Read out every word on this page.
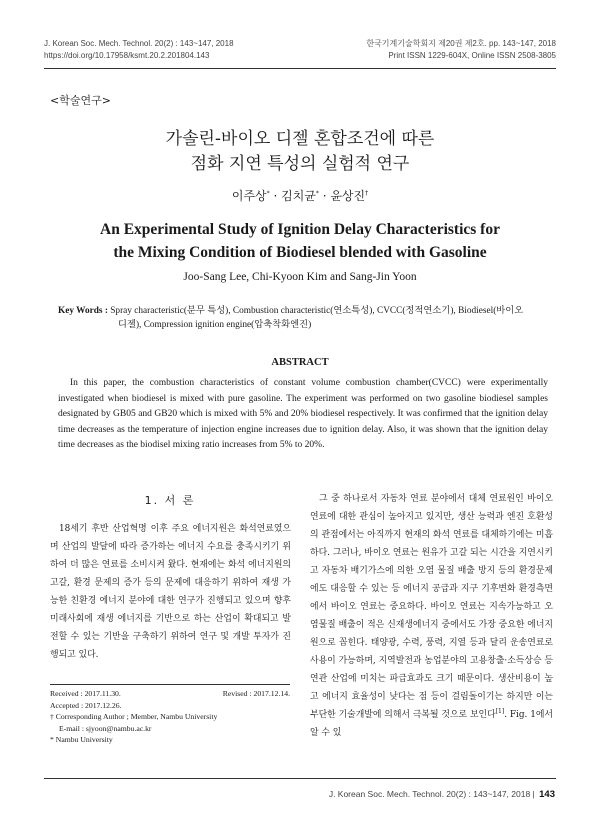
J. Korean Soc. Mech. Technol. 20(2) : 143~147, 2018
https://doi.org/10.17958/ksmt.20.2.201804.143
한국기계기술학회지 제20권 제2호. pp. 143~147, 2018
Print ISSN 1229-604X, Online ISSN 2508-3805
<학술연구>
가솔린-바이오 디젤 혼합조건에 따른
점화 지연 특성의 실험적 연구
이주상* · 김치균* · 윤상진†
An Experimental Study of Ignition Delay Characteristics for
the Mixing Condition of Biodiesel blended with Gasoline
Joo-Sang Lee, Chi-Kyoon Kim and Sang-Jin Yoon
Key Words : Spray characteristic(분무 특성), Combustion characteristic(연소특성), CVCC(정적연소기), Biodiesel(바이오
디젤), Compression ignition engine(압축착화엔진)
ABSTRACT
In this paper, the combustion characteristics of constant volume combustion chamber(CVCC) were experimentally investigated when biodiesel is mixed with pure gasoline. The experiment was performed on two gasoline biodiesel samples designated by GB05 and GB20 which is mixed with 5% and 20% biodiesel respectively. It was confirmed that the ignition delay time decreases as the temperature of injection engine increases due to ignition delay. Also, it was shown that the ignition delay time decreases as the biodisel mixing ratio increases from 5% to 20%.
1. 서 론
18세기 후반 산업혁명 이후 주요 에너지원은 화석연료였으며 산업의 발달에 따라 증가하는 에너지 수요를 충족시키기 위하여 더 많은 연료를 소비시켜 왔다. 현재에는 화석 에너지원의 고갈, 환경 문제의 증가 등의 문제에 대응하기 위하여 재생 가능한 친환경 에너지 분야에 대한 연구가 진행되고 있으며 향후 미래사회에 재생 에너지를 기반으로 하는 산업이 확대되고 발전할 수 있는 기반을 구축하기 위하여 연구 및 개발 투자가 진행되고 있다.
그 중 하나로서 자동차 연료 분야에서 대체 연료원인 바이오 연료에 대한 관심이 높아지고 있지만, 생산 능력과 엔진 호환성의 관점에서는 아직까지 현재의 화석 연료를 대체하기에는 미흡하다. 그러나, 바이오 연료는 원유가 고갈 되는 시간을 지연시키고 자동차 배기가스에 의한 오염 물질 배출 방지 등의 환경문제에도 대응할 수 있는 등 에너지 공급과 지구 기후변화 환경측면에서 바이오 연료는 중요하다. 바이오 연료는 지속가능하고 오염물질 배출이 적은 신재생에너지 중에서도 가장 중요한 에너지원으로 꼽힌다. 태양광, 수력, 풍력, 지열 등과 달리 운송연료로 사용이 가능하며, 지역발전과 농업분야의 고용창출·소득상승 등 연관 산업에 미치는 파급효과도 크기 때문이다. 생산비용이 높고 에너지 효율성이 낮다는 점 등이 걸림돌이기는 하지만 이는 부단한 기술개발에 의해서 극복될 것으로 보인다[1]. Fig. 1에서 알 수 있
Received : 2017.11.30.	Revised : 2017.12.14.
Accepted : 2017.12.26.
† Corresponding Author ; Member, Nambu University
E-mail : sjyoon@nambu.ac.kr
* Nambu University
J. Korean Soc. Mech. Technol. 20(2) : 143~147, 2018 | 143
